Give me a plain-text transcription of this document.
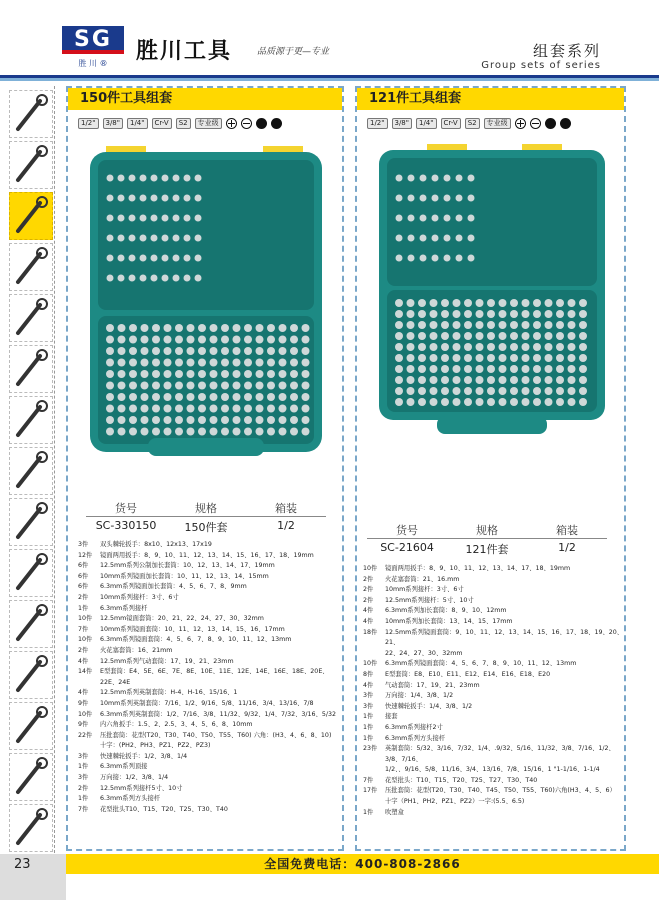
SG
胜 川 ®	胜川工具	品质源于更—专业	组套系列
Group sets of series
150件工具组套
1/2"	3/8"	1/4"	Cr-V	S2	专业级
货号	规格	箱装
SC-330150	150件套	1/2
3件	双头棘轮扳手：8x10、12x13、17x19
12件	镜面两用扳手：8、9、10、11、12、13、14、15、16、17、18、19mm
6件	12.5mm系列公制加长套筒：10、12、13、14、17、19mm
6件	10mm系列镜面加长套筒：10、11、12、13、14、15mm
6件	6.3mm系列镜面加长套筒：4、5、6、7、8、9mm
2件	10mm系列接杆：3寸、6寸
1件	6.3mm系列接杆
10件	12.5mm镜面套筒：20、21、22、24、27、30、32mm
7件	10mm系列镜面套筒：10、11、12、13、14、15、16、17mm
10件	6.3mm系列镜面套筒：4、5、6、7、8、9、10、11、12、13mm
2件	火花塞套筒：16、21mm
4件	12.5mm系列气动套筒：17、19、21、23mm
14件	E型套筒：E4、5E、6E、7E、8E、10E、11E、12E、14E、16E、18E、20E、22E、24E
4件	12.5mm系列英制套筒：H-4、H-16、15/16、1
9件	10mm系列英制套筒：7/16、1/2、9/16、5/8、11/16、3/4、13/16、7/8
10件	6.3mm系列英制套筒：1/2、7/16、3/8、11/32、9/32、1/4、7/32、3/16、5/32
9件	内六角扳手：1.5、2、2.5、3、4、5、6、8、10mm
22件	压批套筒：花型(T20、T30、T40、T50、T55、T60) 六角：(H3、4、6、8、10)
十字：(PH2、PH3、PZ1、PZ2、PZ3)
3件	快速棘轮扳手：1/2、3/8、1/4
1件	6.3mm系列顶接
3件	万向接：1/2、3/8、1/4
2件	12.5mm系列接杆5寸、10寸
1件	6.3mm系列方头接杆
7件	花型批头T10、T15、T20、T25、T30、T40
121件工具组套
1/2"	3/8"	1/4"	Cr-V	S2	专业级
货号	规格	箱装
SC-21604	121件套	1/2
10件	镜面两用扳手：8、9、10、11、12、13、14、17、18、19mm
2件	火花塞套筒：21、16.mm
2件	10mm系列接杆：3寸、6寸
2件	12.5mm系列接杆：5寸、10寸
4件	6.3mm系列加长套筒：8、9、10、12mm
4件	10mm系列加长套筒：13、14、15、17mm
18件	12.5mm系列镜面套筒：9、10、11、12、13、14、15、16、17、18、19、20、21、
22、24、27、30、32mm
10件	6.3mm系列镜面套筒：4、5、6、7、8、9、10、11、12、13mm
8件	E型套筒：E8、E10、E11、E12、E14、E16、E18、E20
4件	气动套筒：17、19、21、23mm
3件	万向接：1/4、3/8、1/2
3件	快速棘轮扳手：1/4、3/8、1/2
1件	接套
1件	6.3mm系列接杆2寸
1件	6.3mm系列方头接杆
23件	英制套筒：5/32、3/16、7/32、1/4、.9/32、5/16、11/32、3/8、7/16、1/2、3/8、7/16、
1/2、、9/16、5/8、11/16、3/4、13/16、7/8、15/16、1 "1-1/16、1-1/4
7件	花型批头：T10、T15、T20、T25、T27、T30、T40
17件	压批套筒：花型(T20、T30、T40、T45、T50、T55、T60)六角(H3、4、5、6）
十字（PH1、PH2、PZ1、PZ2）一字:(5.5、6.5)
1件	吹塑盒
23	全国免费电话：400-808-2866
